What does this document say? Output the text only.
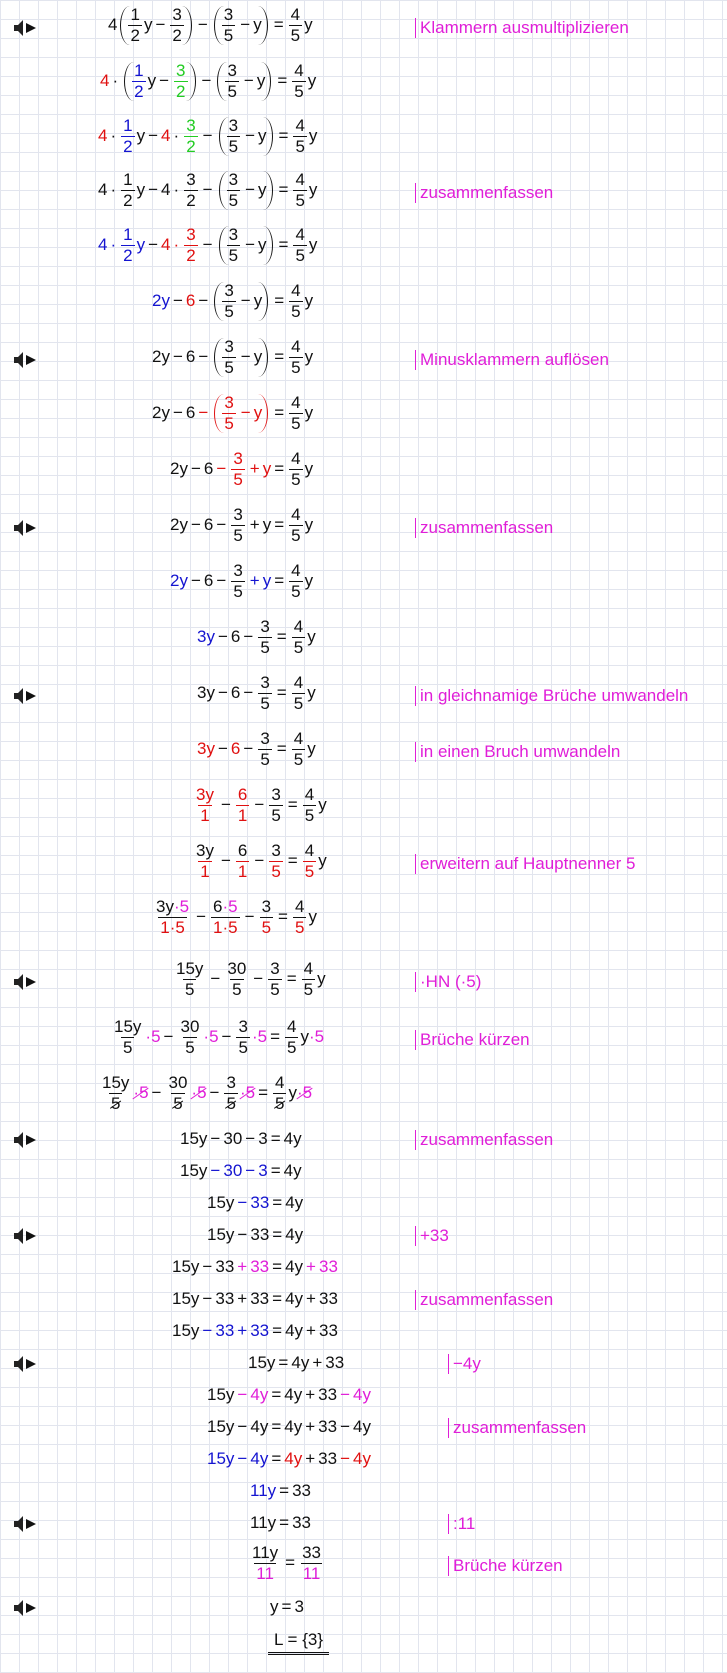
$4 \frac{1}{2}$ $y - \frac{3}{2} - \frac{3}{5} - y = \frac{4}{5}$ y	Klammern ausmultiplizieren
$4 \cdot \frac{1}{2}$ $y - \frac{3}{2} - \frac{3}{5} - y = \frac{4}{5}$ y
$4 \cdot \frac{1}{2}$ $y - 4 \cdot \frac{3}{2} - \frac{3}{5} - y = \frac{4}{5}$ y
$4 \cdot \frac{1}{2}$ $y - 4 \cdot \frac{3}{2} - \frac{3}{5} - y = \frac{4}{5}$ y	zusammenfassen
$4 \cdot \frac{1}{2}$ $y - 4 \cdot \frac{3}{2} - \frac{3}{5} - y = \frac{4}{5}$ y
2 $y - 6 - \frac{3}{5} - y = \frac{4}{5}$ y
2 $y - 6 - \frac{3}{5} - y = \frac{4}{5}$ y	Minusklammern auflösen
2 $y - 6 - \frac{3}{5} - y = \frac{4}{5}$ y
2 $y - 6 - \frac{3}{5} + y = \frac{4}{5}$ y
2 $y - 6 - \frac{3}{5} + y = \frac{4}{5}$ y	zusammenfassen
2 $y - 6 - \frac{3}{5} + y = \frac{4}{5}$ y
3 $y - 6 - \frac{3}{5} = \frac{4}{5}$ y
3 $y - 6 - \frac{3}{5} = \frac{4}{5}$ y	in gleichnamige Brüche umwandeln
3 $y - 6 - \frac{3}{5} = \frac{4}{5}$ y	in einen Bruch umwandeln
$\frac{3y}{1} - \frac{6}{1} - \frac{3}{5} = \frac{4}{5}$ y
$\frac{3y}{1} - \frac{6}{1} - \frac{3}{5} = \frac{4}{5}$ y	erweitern auf Hauptnenner 5
$\frac{3y\cdot 5}{1\cdot 5} - \frac{6\cdot 5}{1\cdot 5} - \frac{3}{5} = \frac{4}{5}$ y
$\frac{15y}{5} - \frac{30}{5} - \frac{3}{5} = \frac{4}{5}$ y	·HN (·5)
$\frac{15y}{5} \cdot 5 - \frac{30}{5} \cdot 5 - \frac{3}{5} \cdot 5 = \frac{4}{5}$ y ·5	Brüche kürzen
$\frac{15y}{5} \cdot 5 - \frac{30}{5} \cdot 5 - \frac{3}{5} \cdot 5 = \frac{4}{5}$ y ·5
15y − 30 − 3 = 4y	zusammenfassen
15y − 30 − 3 = 4y
15y − 33 = 4y
15y − 33 = 4y	+33
15y − 33 + 33 = 4y + 33
15y − 33 + 33 = 4y + 33	zusammenfassen
15y − 33 + 33 = 4y + 33
15y = 4y + 33	−4y
15y − 4y = 4y + 33 − 4y
15y − 4y = 4y + 33 − 4y	zusammenfassen
15y − 4y = 4y + 33 − 4y
11y = 33
11y = 33	:11
$\frac{11y}{11} = \frac{33}{11}$	Brüche kürzen
y = 3
L = {3}
